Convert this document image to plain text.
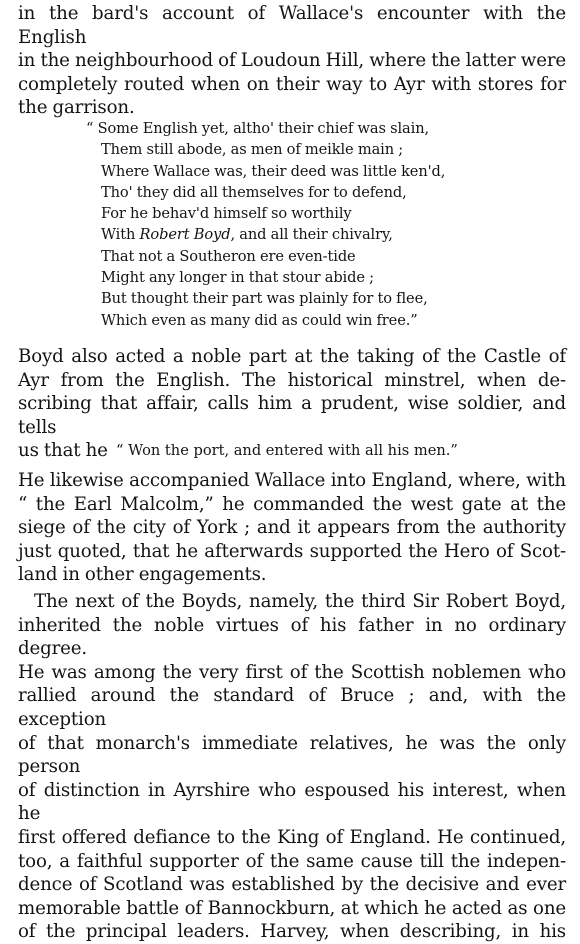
in the bard's account of Wallace's encounter with the English
in the neighbourhood of Loudoun Hill, where the latter were
completely routed when on their way to Ayr with stores for
the garrison.
“ Some English yet, altho' their chief was slain,
Them still abode, as men of meikle main ;
Where Wallace was, their deed was little ken'd,
Tho' they did all themselves for to defend,
For he behav'd himself so worthily
With Robert Boyd, and all their chivalry,
That not a Southeron ere even-tide
Might any longer in that stour abide ;
But thought their part was plainly for to flee,
Which even as many did as could win free.”
Boyd also acted a noble part at the taking of the Castle of
Ayr from the English. The historical minstrel, when de-
scribing that affair, calls him a prudent, wise soldier, and tells
us that he “ Won the port, and entered with all his men.”
He likewise accompanied Wallace into England, where, with
“ the Earl Malcolm,” he commanded the west gate at the
siege of the city of York ; and it appears from the authority
just quoted, that he afterwards supported the Hero of Scot-
land in other engagements.
The next of the Boyds, namely, the third Sir Robert Boyd,
inherited the noble virtues of his father in no ordinary degree.
He was among the very first of the Scottish noblemen who
rallied around the standard of Bruce ; and, with the exception
of that monarch's immediate relatives, he was the only person
of distinction in Ayrshire who espoused his interest, when he
first offered defiance to the King of England. He continued,
too, a faithful supporter of the same cause till the indepen-
dence of Scotland was established by the decisive and ever
memorable battle of Bannockburn, at which he acted as one
of the principal leaders. Harvey, when describing, in his
